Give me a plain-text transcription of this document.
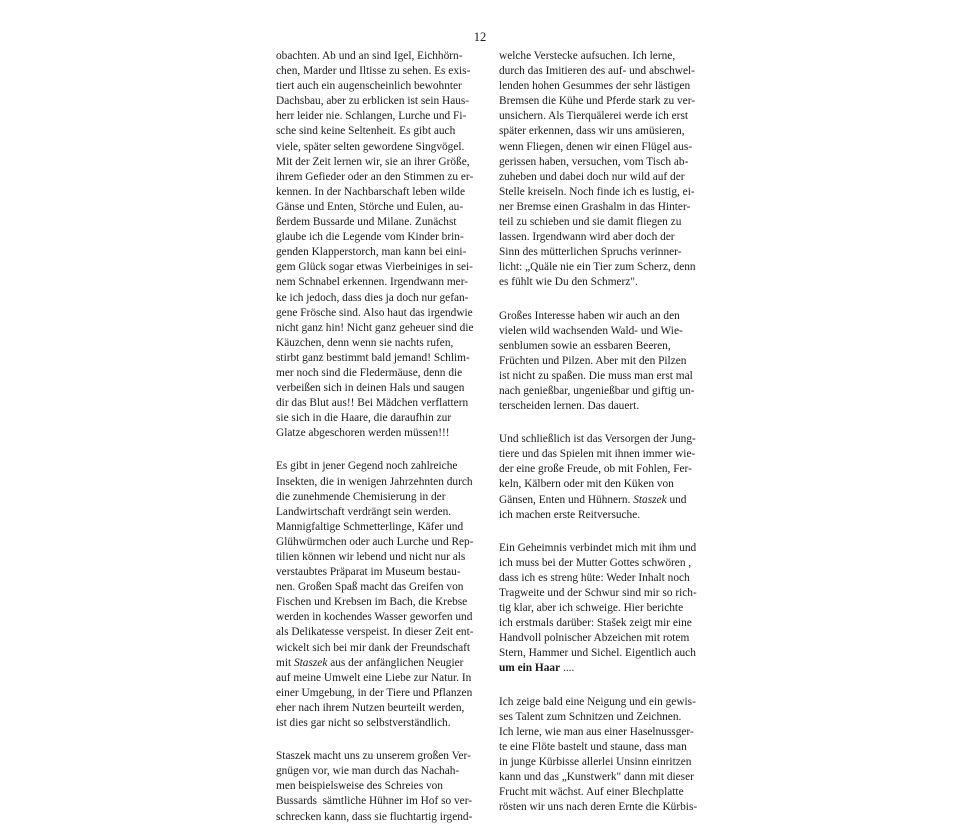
12

obachten. Ab und an sind Igel, Eichhörn-
chen, Marder und Iltisse zu sehen. Es exis-
tiert auch ein augenscheinlich bewohnter
Dachsbau, aber zu erblicken ist sein Haus-
herr leider nie. Schlangen, Lurche und Fi-
sche sind keine Seltenheit. Es gibt auch
viele, später selten gewordene Singvögel.
Mit der Zeit lernen wir, sie an ihrer Größe,
ihrem Gefieder oder an den Stimmen zu er-
kennen. In der Nachbarschaft leben wilde
Gänse und Enten, Störche und Eulen, au-
ßerdem Bussarde und Milane. Zunächst
glaube ich die Legende vom Kinder brin-
genden Klapperstorch, man kann bei eini-
gem Glück sogar etwas Vierbeiniges in sei-
nem Schnabel erkennen. Irgendwann mer-
ke ich jedoch, dass dies ja doch nur gefan-
gene Frösche sind. Also haut das irgendwie
nicht ganz hin! Nicht ganz geheuer sind die
Käuzchen, denn wenn sie nachts rufen,
stirbt ganz bestimmt bald jemand! Schlim-
mer noch sind die Fledermäuse, denn die
verbeißen sich in deinen Hals und saugen
dir das Blut aus!! Bei Mädchen verflattern
sie sich in die Haare, die daraufhin zur
Glatze abgeschoren werden müssen!!!

Es gibt in jener Gegend noch zahlreiche
Insekten, die in wenigen Jahrzehnten durch
die zunehmende Chemisierung in der
Landwirtschaft verdrängt sein werden.
Mannigfaltige Schmetterlinge, Käfer und
Glühwürmchen oder auch Lurche und Rep-
tilien können wir lebend und nicht nur als
verstaubtes Präparat im Museum bestau-
nen. Großen Spaß macht das Greifen von
Fischen und Krebsen im Bach, die Krebse
werden in kochendes Wasser geworfen und
als Delikatesse verspeist. In dieser Zeit ent-
wickelt sich bei mir dank der Freundschaft
mit Staszek aus der anfänglichen Neugier
auf meine Umwelt eine Liebe zur Natur. In
einer Umgebung, in der Tiere und Pflanzen
eher nach ihrem Nutzen beurteilt werden,
ist dies gar nicht so selbstverständlich.

Staszek macht uns zu unserem großen Ver-
gnügen vor, wie man durch das Nachah-
men beispielsweise des Schreies von
Bussards  sämtliche Hühner im Hof so ver-
schrecken kann, dass sie fluchtartig irgend-

welche Verstecke aufsuchen. Ich lerne,
durch das Imitieren des auf- und abschwel-
lenden hohen Gesummes der sehr lästigen
Bremsen die Kühe und Pferde stark zu ver-
unsichern. Als Tierquälerei werde ich erst
später erkennen, dass wir uns amüsieren,
wenn Fliegen, denen wir einen Flügel aus-
gerissen haben, versuchen, vom Tisch ab-
zuheben und dabei doch nur wild auf der
Stelle kreiseln. Noch finde ich es lustig, ei-
ner Bremse einen Grashalm in das Hinter-
teil zu schieben und sie damit fliegen zu
lassen. Irgendwann wird aber doch der
Sinn des mütterlichen Spruchs verinner-
licht: „Quäle nie ein Tier zum Scherz, denn
es fühlt wie Du den Schmerz".

Großes Interesse haben wir auch an den
vielen wild wachsenden Wald- und Wie-
senblumen sowie an essbaren Beeren,
Früchten und Pilzen. Aber mit den Pilzen
ist nicht zu spaßen. Die muss man erst mal
nach genießbar, ungenießbar und giftig un-
terscheiden lernen. Das dauert.

Und schließlich ist das Versorgen der Jung-
tiere und das Spielen mit ihnen immer wie-
der eine große Freude, ob mit Fohlen, Fer-
keln, Kälbern oder mit den Küken von
Gänsen, Enten und Hühnern. Staszek und
ich machen erste Reitversuche.

Ein Geheimnis verbindet mich mit ihm und
ich muss bei der Mutter Gottes schwören ,
dass ich es streng hüte: Weder Inhalt noch
Tragweite und der Schwur sind mir so rich-
tig klar, aber ich schweige. Hier berichte
ich erstmals darüber: Stašek zeigt mir eine
Handvoll polnischer Abzeichen mit rotem
Stern, Hammer und Sichel. Eigentlich auch
um ein Haar ....

Ich zeige bald eine Neigung und ein gewis-
ses Talent zum Schnitzen und Zeichnen.
Ich lerne, wie man aus einer Haselnussger-
te eine Flöte bastelt und staune, dass man
in junge Kürbisse allerlei Unsinn einritzen
kann und das „Kunstwerk" dann mit dieser
Frucht mit wächst. Auf einer Blechplatte
rösten wir uns nach deren Ernte die Kürbis-
